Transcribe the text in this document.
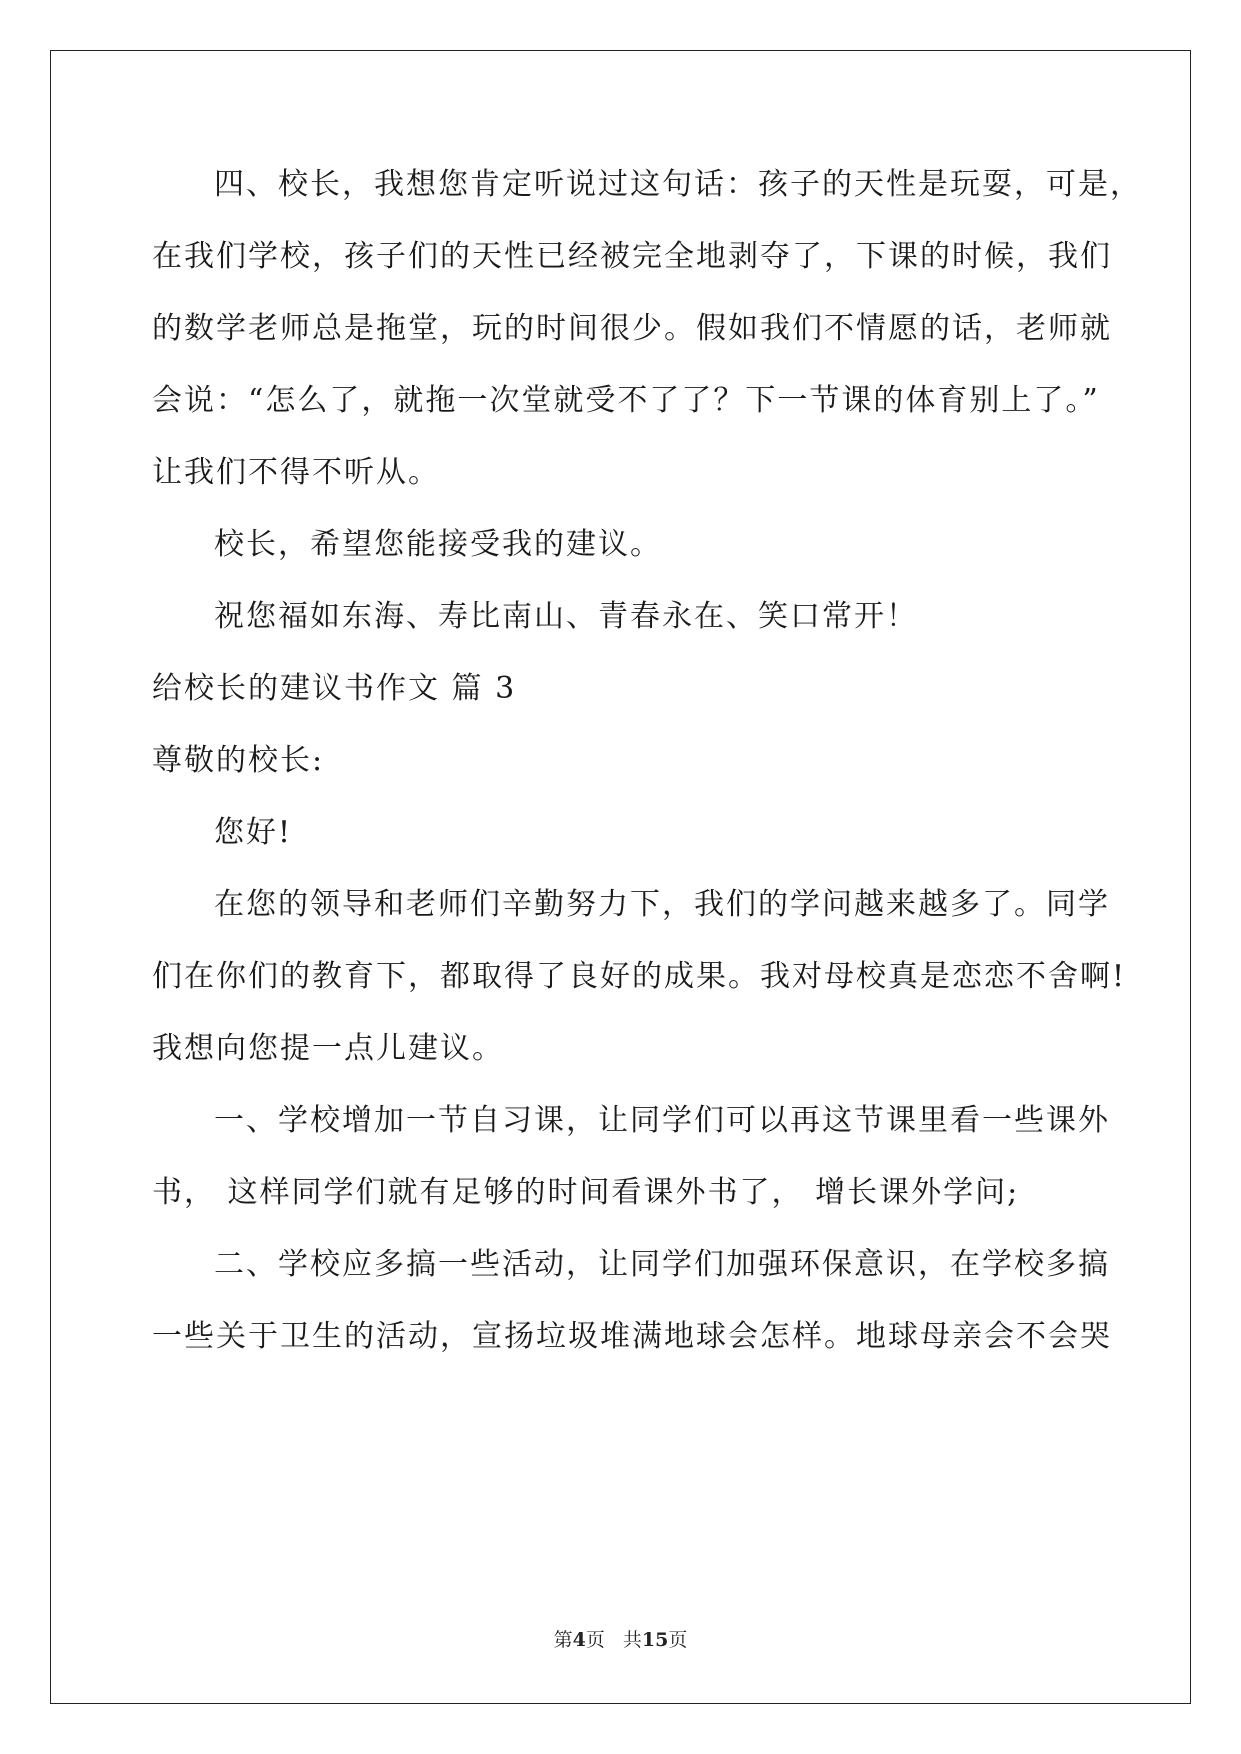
四、校长，我想您肯定听说过这句话：孩子的天性是玩耍，可是，
在我们学校，孩子们的天性已经被完全地剥夺了，下课的时候，我们
的数学老师总是拖堂，玩的时间很少。假如我们不情愿的话，老师就
会说：“怎么了，就拖一次堂就受不了了？下一节课的体育别上了。”
让我们不得不听从。
校长，希望您能接受我的建议。
祝您福如东海、寿比南山、青春永在、笑口常开！
给校长的建议书作文 篇 3
尊敬的校长:
您好!
在您的领导和老师们辛勤努力下，我们的学问越来越多了。同学
们在你们的教育下，都取得了良好的成果。我对母校真是恋恋不舍啊!
我想向您提一点儿建议。
一、学校增加一节自习课，让同学们可以再这节课里看一些课外
书， 这样同学们就有足够的时间看课外书了， 增长课外学问;
二、学校应多搞一些活动，让同学们加强环保意识，在学校多搞
一些关于卫生的活动，宣扬垃圾堆满地球会怎样。地球母亲会不会哭
第4页 共15页
